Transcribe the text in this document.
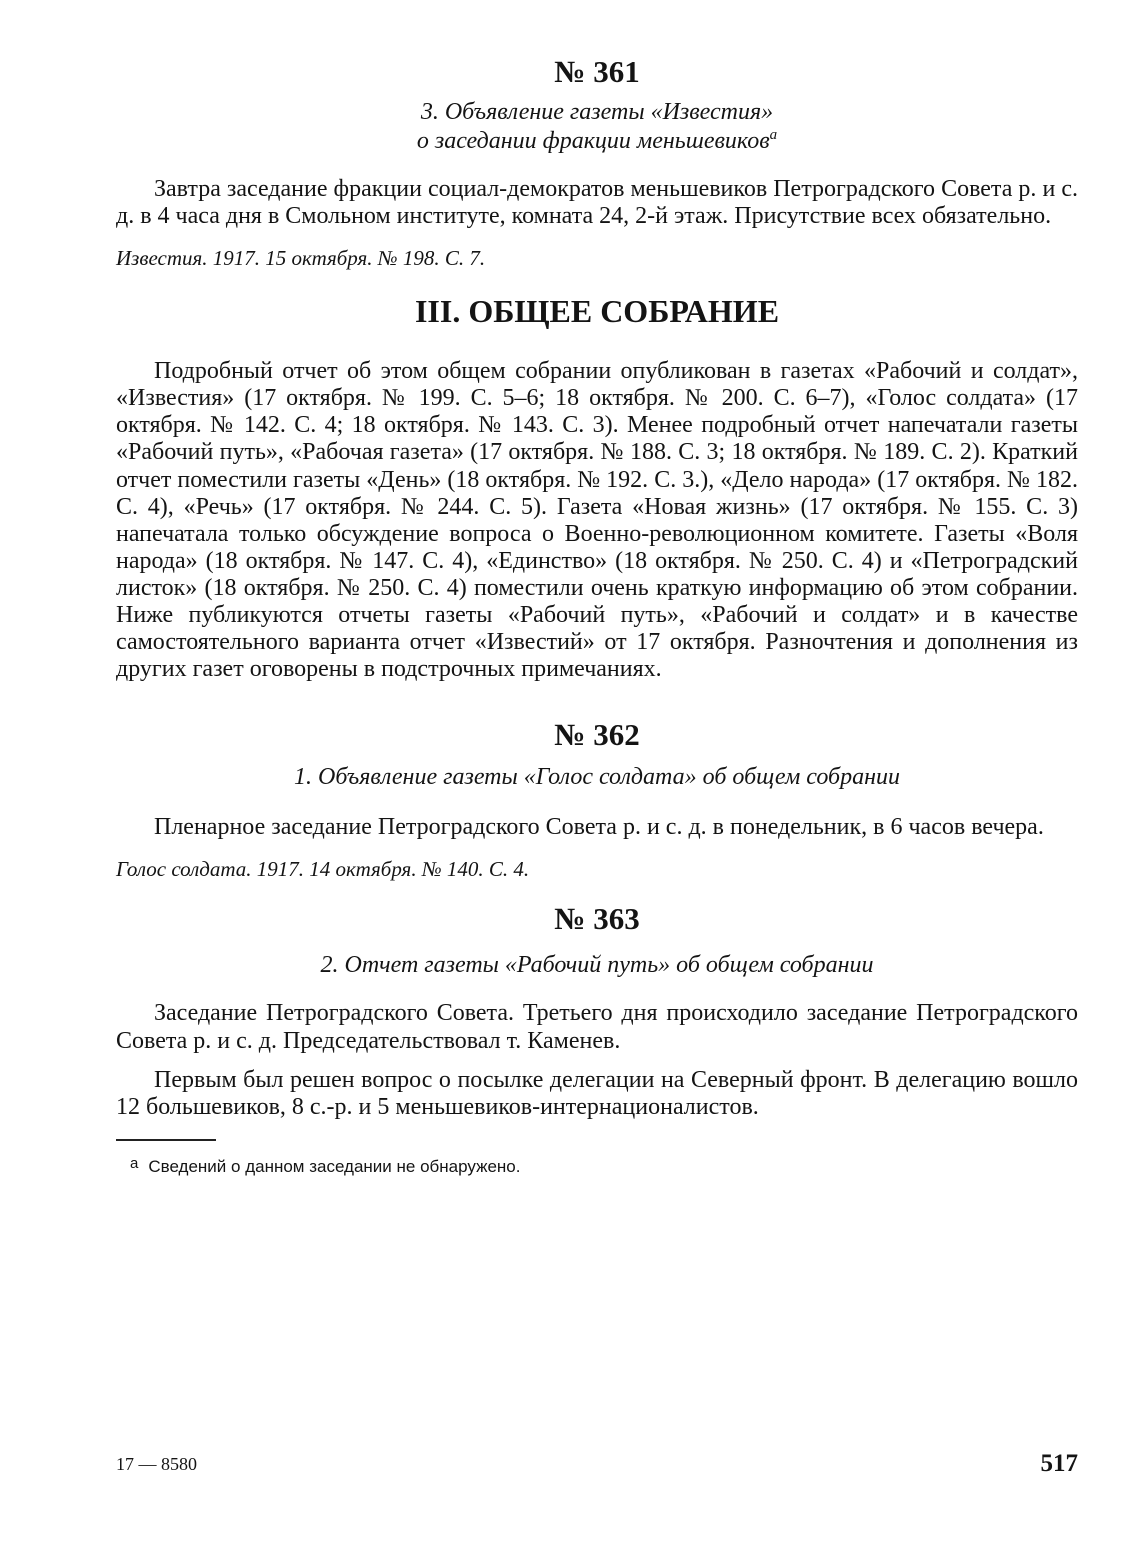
№ 361

3. Объявление газеты «Известия»

о заседании фракции меньшевиков$^а$

Завтра заседание фракции социал-демократов меньшевиков Петроградского Совета р. и с. д. в 4 часа дня в Смольном институте, комната 24, 2-й этаж. Присутствие всех обязательно.

Известия. 1917. 15 октября. № 198. С. 7.

III. ОБЩЕЕ СОБРАНИЕ

Подробный отчет об этом общем собрании опубликован в газетах «Рабочий и солдат», «Известия» (17 октября. № 199. С. 5–6; 18 октября. № 200. С. 6–7), «Голос солдата» (17 октября. № 142. С. 4; 18 октября. № 143. С. 3). Менее подробный отчет напечатали газеты «Рабочий путь», «Рабочая газета» (17 октября. № 188. С. 3; 18 октября. № 189. С. 2). Краткий отчет поместили газеты «День» (18 октября. № 192. С. 3.), «Дело народа» (17 октября. № 182. С. 4), «Речь» (17 октября. № 244. С. 5). Газета «Новая жизнь» (17 октября. № 155. С. 3) напечатала только обсуждение вопроса о Военно-революционном комитете. Газеты «Воля народа» (18 октября. № 147. С. 4), «Единство» (18 октября. № 250. С. 4) и «Петроградский листок» (18 октября. № 250. С. 4) поместили очень краткую информацию об этом собрании. Ниже публикуются отчеты газеты «Рабочий путь», «Рабочий и солдат» и в качестве самостоятельного варианта отчет «Известий» от 17 октября. Разночтения и дополнения из других газет оговорены в подстрочных примечаниях.

№ 362

1. Объявление газеты «Голос солдата» об общем собрании

Пленарное заседание Петроградского Совета р. и с. д. в понедельник, в 6 часов вечера.

Голос солдата. 1917. 14 октября. № 140. С. 4.

№ 363

2. Отчет газеты «Рабочий путь» об общем собрании

Заседание Петроградского Совета. Третьего дня происходило заседание Петроградского Совета р. и с. д. Председательствовал т. Каменев.

Первым был решен вопрос о посылке делегации на Северный фронт. В делегацию вошло 12 большевиков, 8 с.-р. и 5 меньшевиков-интернационалистов.

а Сведений о данном заседании не обнаружено.

17 — 8580	517
